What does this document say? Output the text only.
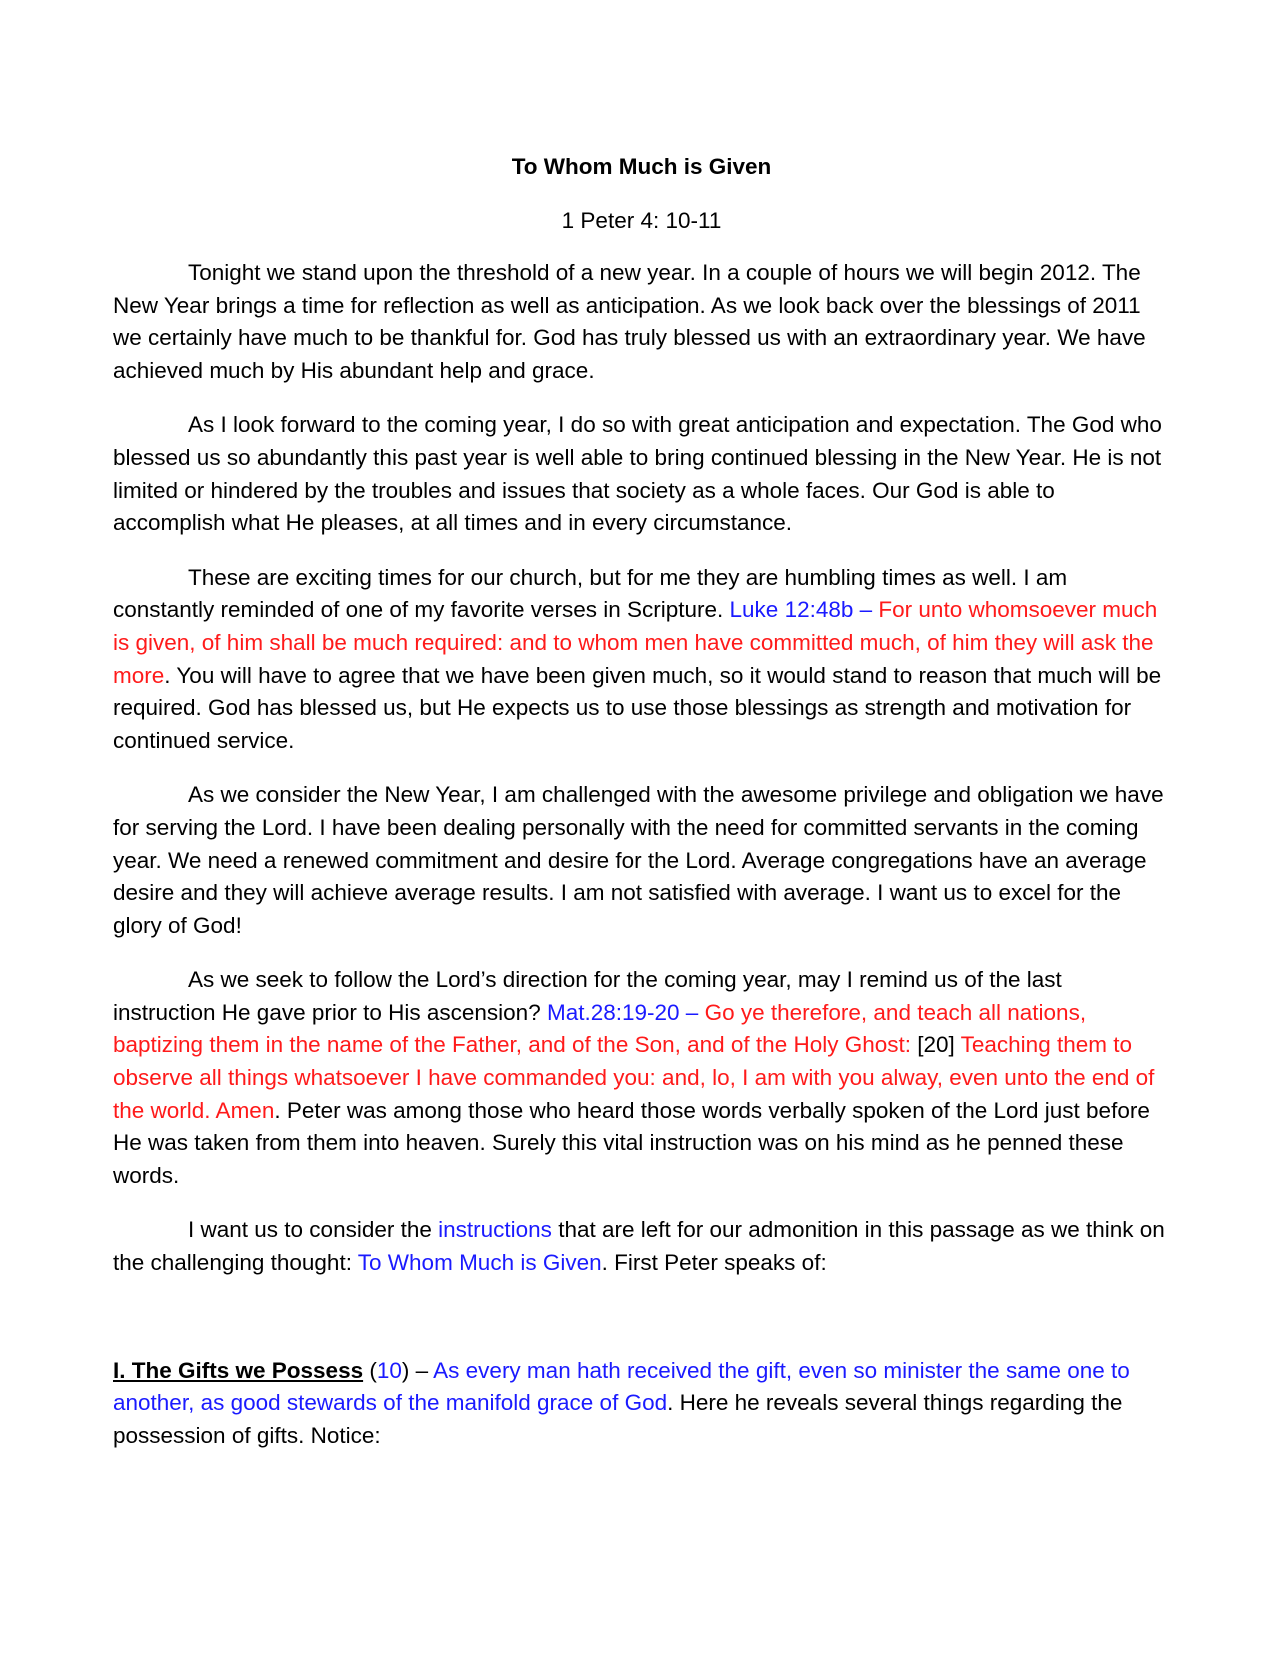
To Whom Much is Given

1 Peter 4: 10-11

Tonight we stand upon the threshold of a new year. In a couple of hours we will begin 2012. The New Year brings a time for reflection as well as anticipation. As we look back over the blessings of 2011 we certainly have much to be thankful for. God has truly blessed us with an extraordinary year. We have achieved much by His abundant help and grace.

As I look forward to the coming year, I do so with great anticipation and expectation. The God who blessed us so abundantly this past year is well able to bring continued blessing in the New Year. He is not limited or hindered by the troubles and issues that society as a whole faces. Our God is able to accomplish what He pleases, at all times and in every circumstance.

These are exciting times for our church, but for me they are humbling times as well. I am constantly reminded of one of my favorite verses in Scripture. Luke 12:48b – For unto whomsoever much is given, of him shall be much required: and to whom men have committed much, of him they will ask the more. You will have to agree that we have been given much, so it would stand to reason that much will be required. God has blessed us, but He expects us to use those blessings as strength and motivation for continued service.

As we consider the New Year, I am challenged with the awesome privilege and obligation we have for serving the Lord. I have been dealing personally with the need for committed servants in the coming year. We need a renewed commitment and desire for the Lord. Average congregations have an average desire and they will achieve average results. I am not satisfied with average. I want us to excel for the glory of God!

As we seek to follow the Lord’s direction for the coming year, may I remind us of the last instruction He gave prior to His ascension? Mat.28:19-20 – Go ye therefore, and teach all nations, baptizing them in the name of the Father, and of the Son, and of the Holy Ghost: [20] Teaching them to observe all things whatsoever I have commanded you: and, lo, I am with you alway, even unto the end of the world. Amen. Peter was among those who heard those words verbally spoken of the Lord just before He was taken from them into heaven. Surely this vital instruction was on his mind as he penned these words.

I want us to consider the instructions that are left for our admonition in this passage as we think on the challenging thought: To Whom Much is Given. First Peter speaks of:

I. The Gifts we Possess (10) – As every man hath received the gift, even so minister the same one to another, as good stewards of the manifold grace of God. Here he reveals several things regarding the possession of gifts. Notice:
